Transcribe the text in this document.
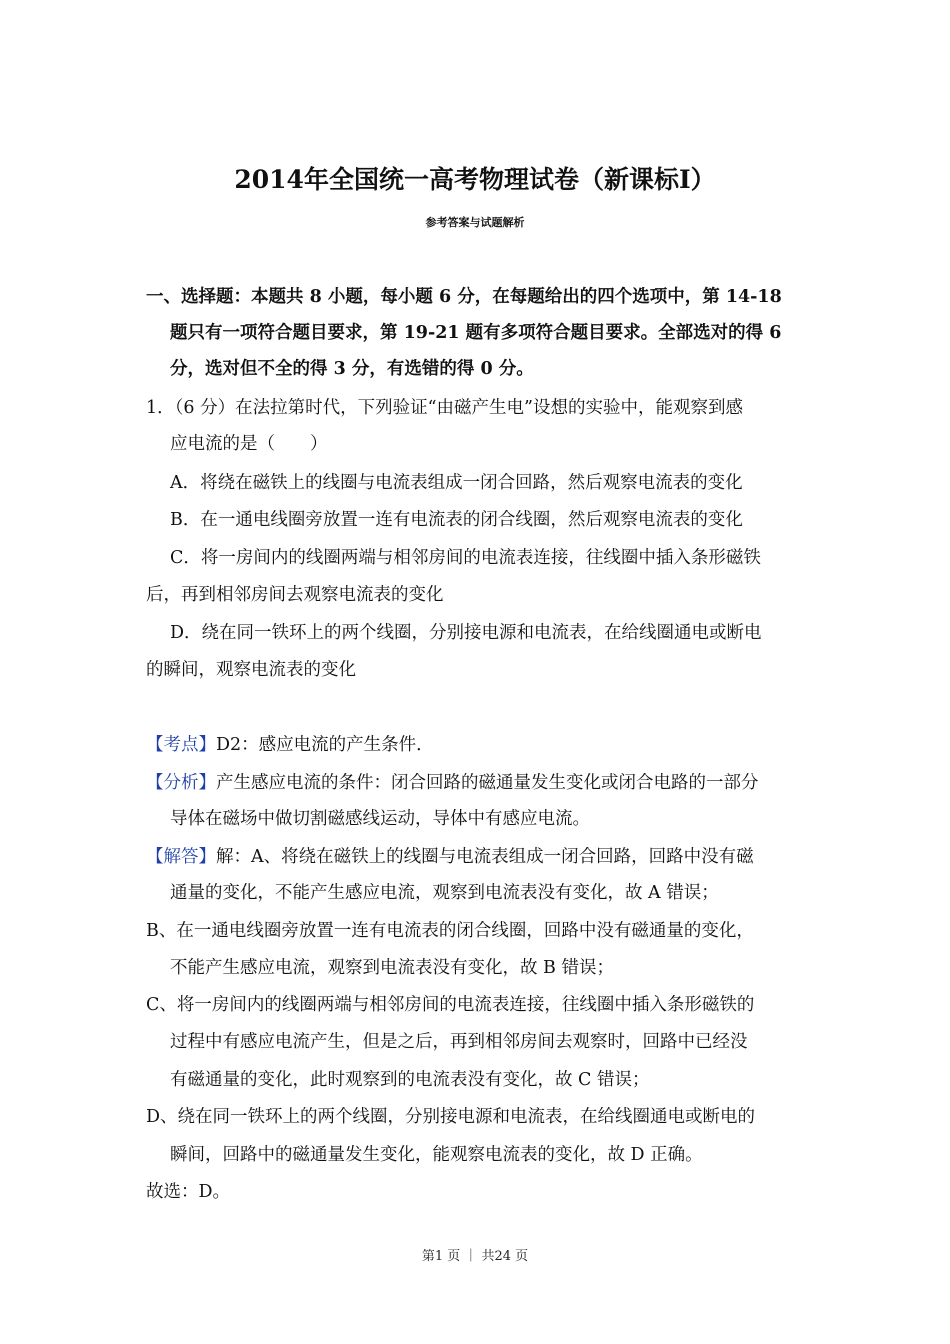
2014年全国统一高考物理试卷（新课标I）
参考答案与试题解析
一、选择题：本题共 8 小题，每小题 6 分，在每题给出的四个选项中，第 14-18
题只有一项符合题目要求，第 19-21 题有多项符合题目要求。全部选对的得 6
分，选对但不全的得 3 分，有选错的得 0 分。
1．（6 分）在法拉第时代，下列验证“由磁产生电”设想的实验中，能观察到感
应电流的是（　　）
A．将绕在磁铁上的线圈与电流表组成一闭合回路，然后观察电流表的变化
B．在一通电线圈旁放置一连有电流表的闭合线圈，然后观察电流表的变化
C．将一房间内的线圈两端与相邻房间的电流表连接，往线圈中插入条形磁铁
后，再到相邻房间去观察电流表的变化
D．绕在同一铁环上的两个线圈，分别接电源和电流表，在给线圈通电或断电
的瞬间，观察电流表的变化
【考点】D2：感应电流的产生条件．
【分析】产生感应电流的条件：闭合回路的磁通量发生变化或闭合电路的一部分
导体在磁场中做切割磁感线运动，导体中有感应电流。
【解答】解：A、将绕在磁铁上的线圈与电流表组成一闭合回路，回路中没有磁
通量的变化，不能产生感应电流，观察到电流表没有变化，故 A 错误；
B、在一通电线圈旁放置一连有电流表的闭合线圈，回路中没有磁通量的变化，
不能产生感应电流，观察到电流表没有变化，故 B 错误；
C、将一房间内的线圈两端与相邻房间的电流表连接，往线圈中插入条形磁铁的
过程中有感应电流产生，但是之后，再到相邻房间去观察时，回路中已经没
有磁通量的变化，此时观察到的电流表没有变化，故 C 错误；
D、绕在同一铁环上的两个线圈，分别接电源和电流表，在给线圈通电或断电的
瞬间，回路中的磁通量发生变化，能观察电流表的变化，故 D 正确。
故选：D。
第1 页 ｜ 共24 页
